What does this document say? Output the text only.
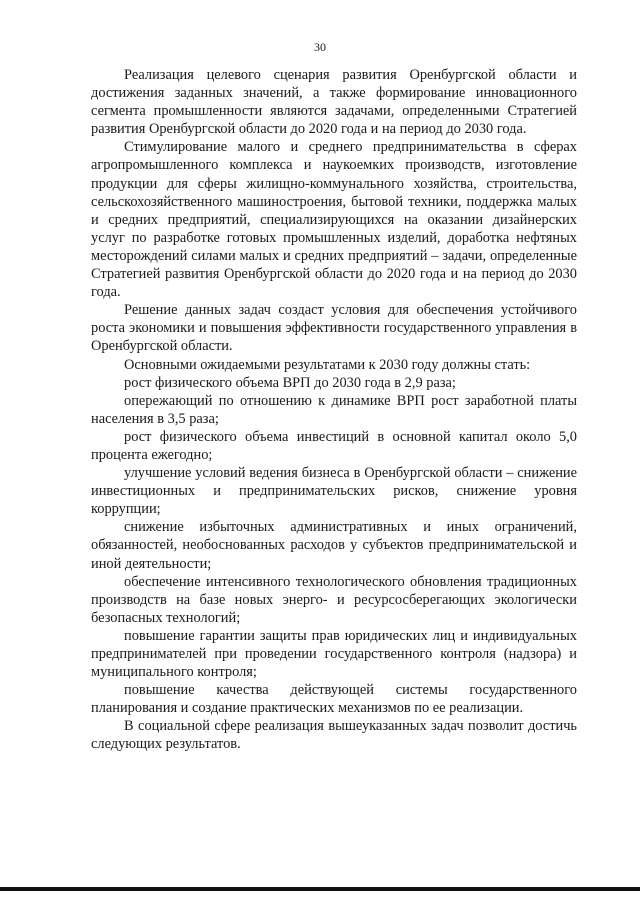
30

Реализация целевого сценария развития Оренбургской области и достижения заданных значений, а также формирование инновационного сегмента промышленности являются задачами, определенными Стратегией развития Оренбургской области до 2020 года и на период до 2030 года.

Стимулирование малого и среднего предпринимательства в сферах агропромышленного комплекса и наукоемких производств, изготовление продукции для сферы жилищно-коммунального хозяйства, строительства, сельскохозяйственного машиностроения, бытовой техники, поддержка малых и средних предприятий, специализирующихся на оказании дизайнерских услуг по разработке готовых промышленных изделий, доработка нефтяных месторождений силами малых и средних предприятий – задачи, определенные Стратегией развития Оренбургской области до 2020 года и на период до 2030 года.

Решение данных задач создаст условия для обеспечения устойчивого роста экономики и повышения эффективности государственного управления в Оренбургской области.

Основными ожидаемыми результатами к 2030 году должны стать:

рост физического объема ВРП до 2030 года в 2,9 раза;

опережающий по отношению к динамике ВРП рост заработной платы населения в 3,5 раза;

рост физического объема инвестиций в основной капитал около 5,0 процента ежегодно;

улучшение условий ведения бизнеса в Оренбургской области – снижение инвестиционных и предпринимательских рисков, снижение уровня коррупции;

снижение избыточных административных и иных ограничений, обязанностей, необоснованных расходов у субъектов предпринимательской и иной деятельности;

обеспечение интенсивного технологического обновления традиционных производств на базе новых энерго- и ресурсосберегающих экологически безопасных технологий;

повышение гарантии защиты прав юридических лиц и индивидуальных предпринимателей при проведении государственного контроля (надзора) и муниципального контроля;

повышение качества действующей системы государственного планирования и создание практических механизмов по ее реализации.

В социальной сфере реализация вышеуказанных задач позволит достичь следующих результатов.
